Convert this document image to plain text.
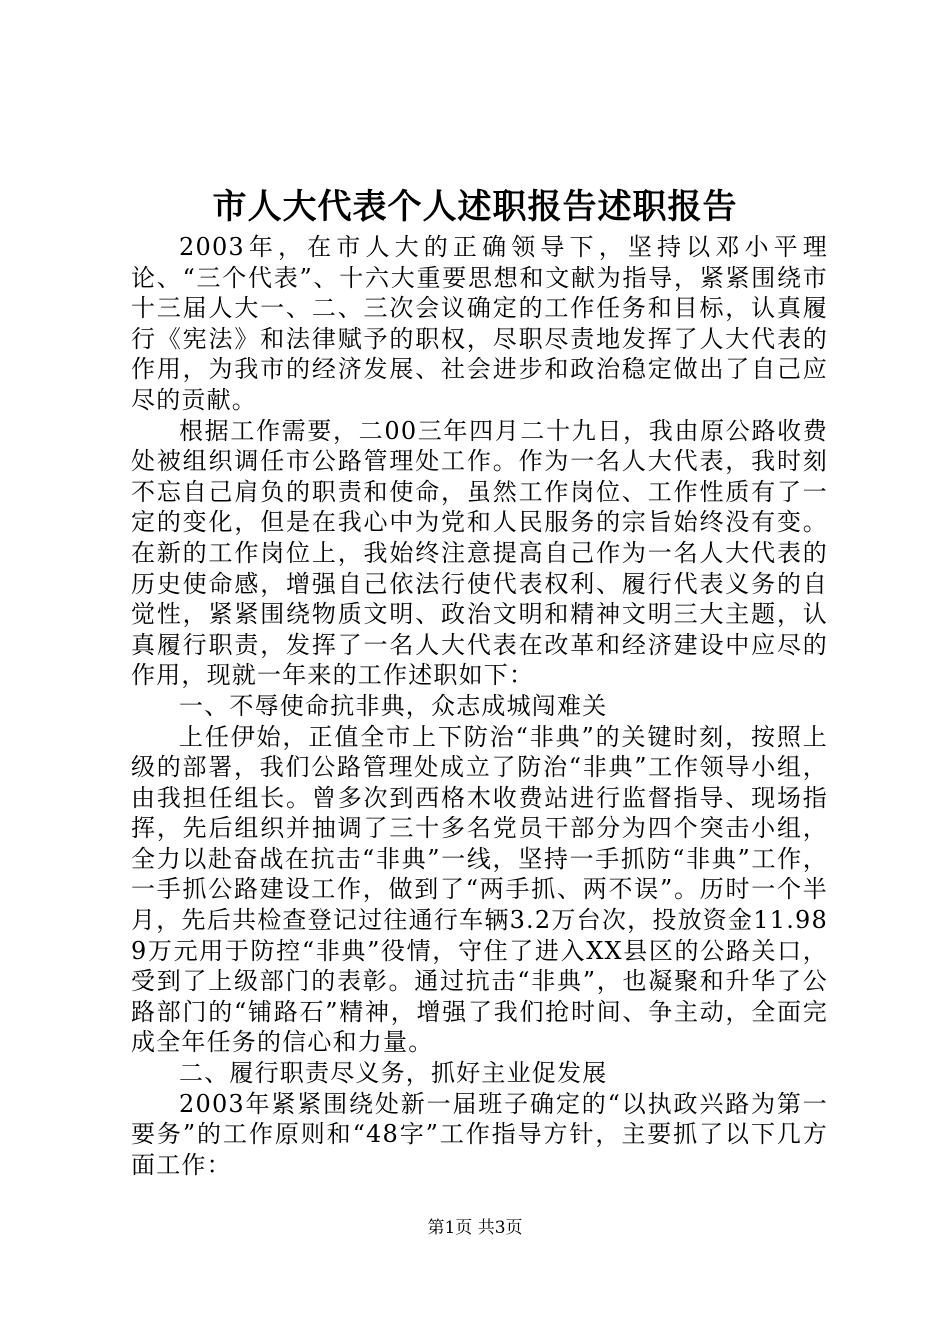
市人大代表个人述职报告述职报告

2003年，在市人大的正确领导下，坚持以邓小平理论、“三个代表”、十六大重要思想和文献为指导，紧紧围绕市十三届人大一、二、三次会议确定的工作任务和目标，认真履行《宪法》和法律赋予的职权，尽职尽责地发挥了人大代表的作用，为我市的经济发展、社会进步和政治稳定做出了自己应尽的贡献。

根据工作需要，二00三年四月二十九日，我由原公路收费处被组织调任市公路管理处工作。作为一名人大代表，我时刻不忘自己肩负的职责和使命，虽然工作岗位、工作性质有了一定的变化，但是在我心中为党和人民服务的宗旨始终没有变。在新的工作岗位上，我始终注意提高自己作为一名人大代表的历史使命感，增强自己依法行使代表权利、履行代表义务的自觉性，紧紧围绕物质文明、政治文明和精神文明三大主题，认真履行职责，发挥了一名人大代表在改革和经济建设中应尽的作用，现就一年来的工作述职如下：

一、不辱使命抗非典，众志成城闯难关

上任伊始，正值全市上下防治“非典”的关键时刻，按照上级的部署，我们公路管理处成立了防治“非典”工作领导小组，由我担任组长。曾多次到西格木收费站进行监督指导、现场指挥，先后组织并抽调了三十多名党员干部分为四个突击小组，全力以赴奋战在抗击“非典”一线，坚持一手抓防“非典”工作，一手抓公路建设工作，做到了“两手抓、两不误”。历时一个半月，先后共检查登记过往通行车辆3.2万台次，投放资金11.989万元用于防控“非典”役情，守住了进入XX县区的公路关口，受到了上级部门的表彰。通过抗击“非典”，也凝聚和升华了公路部门的“铺路石”精神，增强了我们抢时间、争主动，全面完成全年任务的信心和力量。

二、履行职责尽义务，抓好主业促发展

2003年紧紧围绕处新一届班子确定的“以执政兴路为第一要务”的工作原则和“48字”工作指导方针，主要抓了以下几方面工作：

第1页 共3页
